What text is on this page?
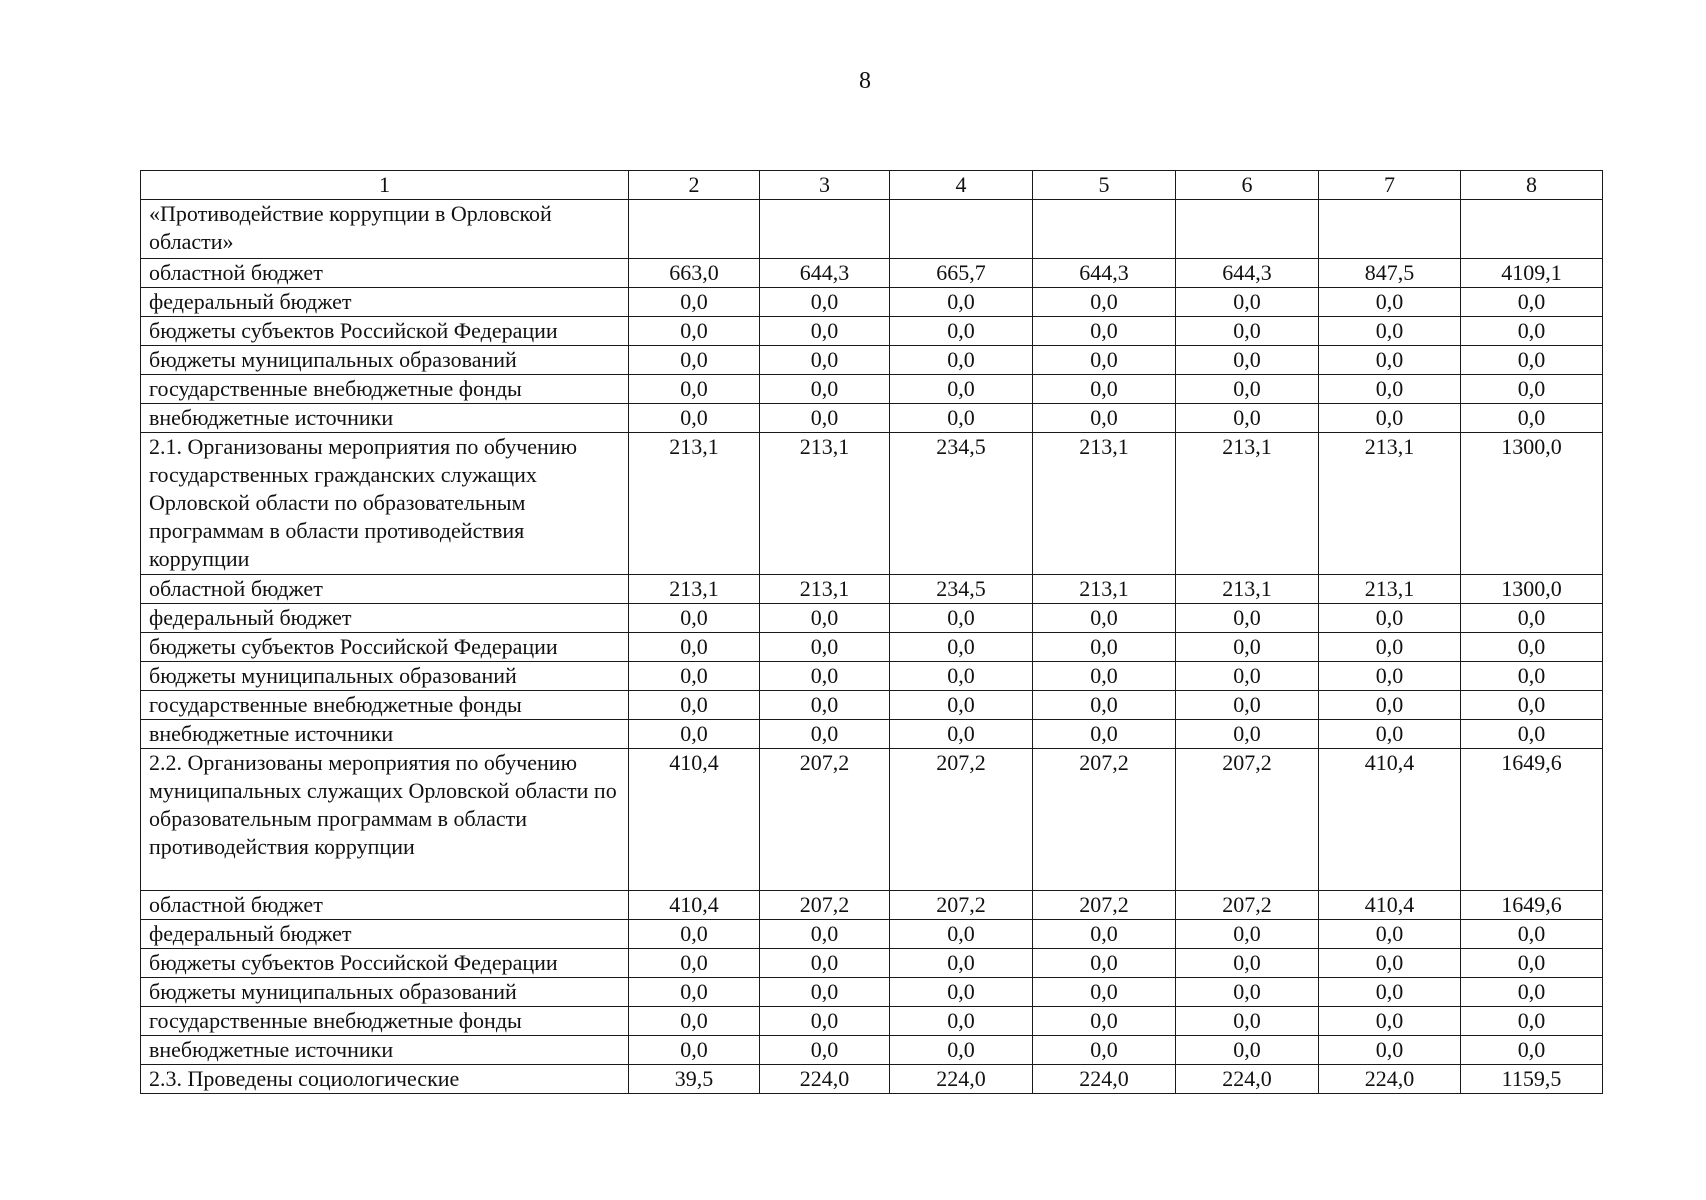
8
1	2	3	4	5	6	7	8
«Противодействие коррупции в Орловской области»							
областной бюджет	663,0	644,3	665,7	644,3	644,3	847,5	4109,1
федеральный бюджет	0,0	0,0	0,0	0,0	0,0	0,0	0,0
бюджеты субъектов Российской Федерации	0,0	0,0	0,0	0,0	0,0	0,0	0,0
бюджеты муниципальных образований	0,0	0,0	0,0	0,0	0,0	0,0	0,0
государственные внебюджетные фонды	0,0	0,0	0,0	0,0	0,0	0,0	0,0
внебюджетные источники	0,0	0,0	0,0	0,0	0,0	0,0	0,0
2.1. Организованы мероприятия по обучению государственных гражданских служащих Орловской области по образовательным программам в области противодействия коррупции	213,1	213,1	234,5	213,1	213,1	213,1	1300,0
областной бюджет	213,1	213,1	234,5	213,1	213,1	213,1	1300,0
федеральный бюджет	0,0	0,0	0,0	0,0	0,0	0,0	0,0
бюджеты субъектов Российской Федерации	0,0	0,0	0,0	0,0	0,0	0,0	0,0
бюджеты муниципальных образований	0,0	0,0	0,0	0,0	0,0	0,0	0,0
государственные внебюджетные фонды	0,0	0,0	0,0	0,0	0,0	0,0	0,0
внебюджетные источники	0,0	0,0	0,0	0,0	0,0	0,0	0,0
2.2. Организованы мероприятия по обучению муниципальных служащих Орловской области по образовательным программам в области противодействия коррупции	410,4	207,2	207,2	207,2	207,2	410,4	1649,6
областной бюджет	410,4	207,2	207,2	207,2	207,2	410,4	1649,6
федеральный бюджет	0,0	0,0	0,0	0,0	0,0	0,0	0,0
бюджеты субъектов Российской Федерации	0,0	0,0	0,0	0,0	0,0	0,0	0,0
бюджеты муниципальных образований	0,0	0,0	0,0	0,0	0,0	0,0	0,0
государственные внебюджетные фонды	0,0	0,0	0,0	0,0	0,0	0,0	0,0
внебюджетные источники	0,0	0,0	0,0	0,0	0,0	0,0	0,0
2.3. Проведены социологические	39,5	224,0	224,0	224,0	224,0	224,0	1159,5
